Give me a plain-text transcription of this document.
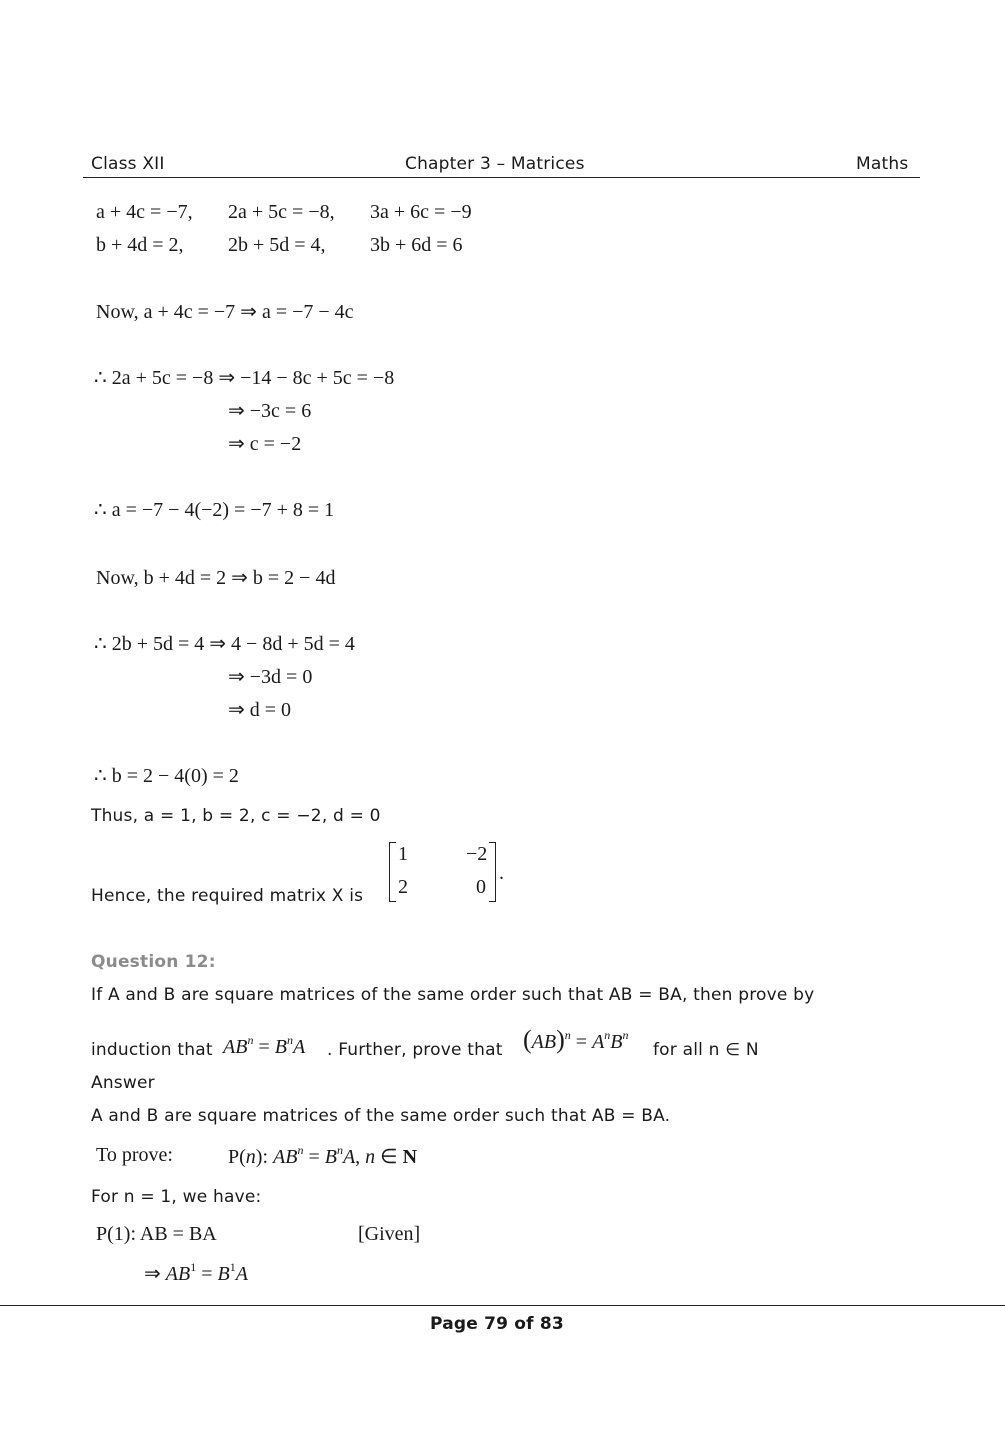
Class XII	Chapter 3 – Matrices	Maths
a + 4c = −7, 2a + 5c = −8, 3a + 6c = −9
b + 4d = 2, 2b + 5d = 4, 3b + 6d = 6
Now, a + 4c = −7 ⇒ a = −7 − 4c
∴ 2a + 5c = −8 ⇒ −14 − 8c + 5c = −8
⇒ −3c = 6
⇒ c = −2
∴ a = −7 − 4(−2) = −7 + 8 = 1
Now, b + 4d = 2 ⇒ b = 2 − 4d
∴ 2b + 5d = 4 ⇒ 4 − 8d + 5d = 4
⇒ −3d = 0
⇒ d = 0
∴ b = 2 − 4(0) = 2
Thus, a = 1, b = 2, c = −2, d = 0
Hence, the required matrix X is
1	−2
2	0
.
Question 12:
If A and B are square matrices of the same order such that AB = BA, then prove by
induction that $AB^n = B^nA$ . Further, prove that $(AB)^n = A^nB^n$
for all n ∈ N
Answer
A and B are square matrices of the same order such that AB = BA.
To prove:	P(n): $AB^n = B^nA$, n ∈ N
For n = 1, we have:
P(1): AB = BA	[Given]
⇒ $AB^1 = B^1A$
Page 79 of 83
